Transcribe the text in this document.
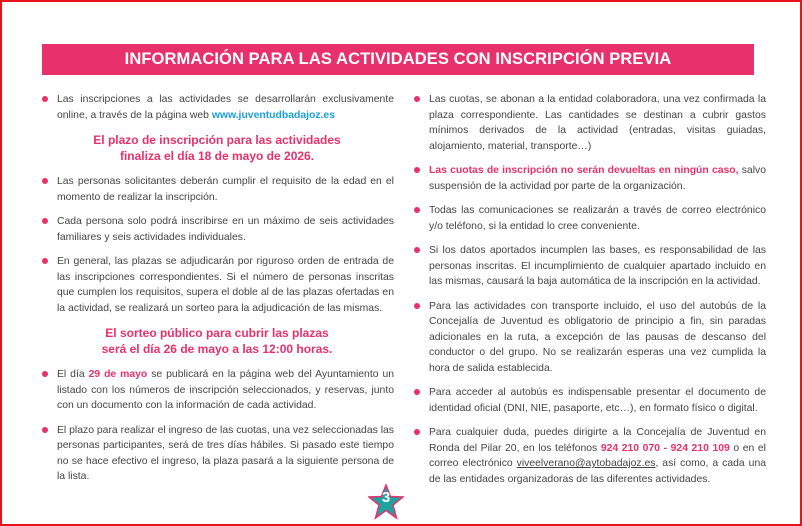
INFORMACIÓN PARA LAS ACTIVIDADES CON INSCRIPCIÓN PREVIA
Las inscripciones a las actividades se desarrollarán exclusivamente online, a través de la página web www.juventudbadajoz.es
El plazo de inscripción para las actividades
finaliza el día 18 de mayo de 2026.
Las personas solicitantes deberán cumplir el requisito de la edad en el momento de realizar la inscripción.
Cada persona solo podrá inscribirse en un máximo de seis actividades familiares y seis actividades individuales.
En general, las plazas se adjudicarán por riguroso orden de entrada de las inscripciones correspondientes. Si el número de personas inscritas que cumplen los requisitos, supera el doble al de las plazas ofertadas en la actividad, se realizará un sorteo para la adjudicación de las mismas.
El sorteo público para cubrir las plazas
será el día 26 de mayo a las 12:00 horas.
El día 29 de mayo se publicará en la página web del Ayuntamiento un listado con los números de inscripción seleccionados, y reservas, junto con un documento con la información de cada actividad.
El plazo para realizar el ingreso de las cuotas, una vez seleccionadas las personas participantes, será de tres días hábiles. Si pasado este tiempo no se hace efectivo el ingreso, la plaza pasará a la siguiente persona de la lista.
Las cuotas, se abonan a la entidad colaboradora, una vez confirmada la plaza correspondiente. Las cantidades se destinan a cubrir gastos mínimos derivados de la actividad (entradas, visitas guiadas, alojamiento, material, transporte…)
Las cuotas de inscripción no serán devueltas en ningún caso, salvo suspensión de la actividad por parte de la organización.
Todas las comunicaciones se realizarán a través de correo electrónico y/o teléfono, si la entidad lo cree conveniente.
Si los datos aportados incumplen las bases, es responsabilidad de las personas inscritas. El incumplimiento de cualquier apartado incluido en las mismas, causará la baja automática de la inscripción en la actividad.
Para las actividades con transporte incluido, el uso del autobús de la Concejalía de Juventud es obligatorio de principio a fin, sin paradas adicionales en la ruta, a excepción de las pausas de descanso del conductor o del grupo. No se realizarán esperas una vez cumplida la hora de salida establecida.
Para acceder al autobús es indispensable presentar el documento de identidad oficial (DNI, NIE, pasaporte, etc…), en formato físico o digital.
Para cualquier duda, puedes dirigirte a la Concejalía de Juventud en Ronda del Pilar 20, en los teléfonos 924 210 070 - 924 210 109 o en el correo electrónico viveelverano@aytobadajoz.es, así como, a cada una de las entidades organizadoras de las diferentes actividades.
3
